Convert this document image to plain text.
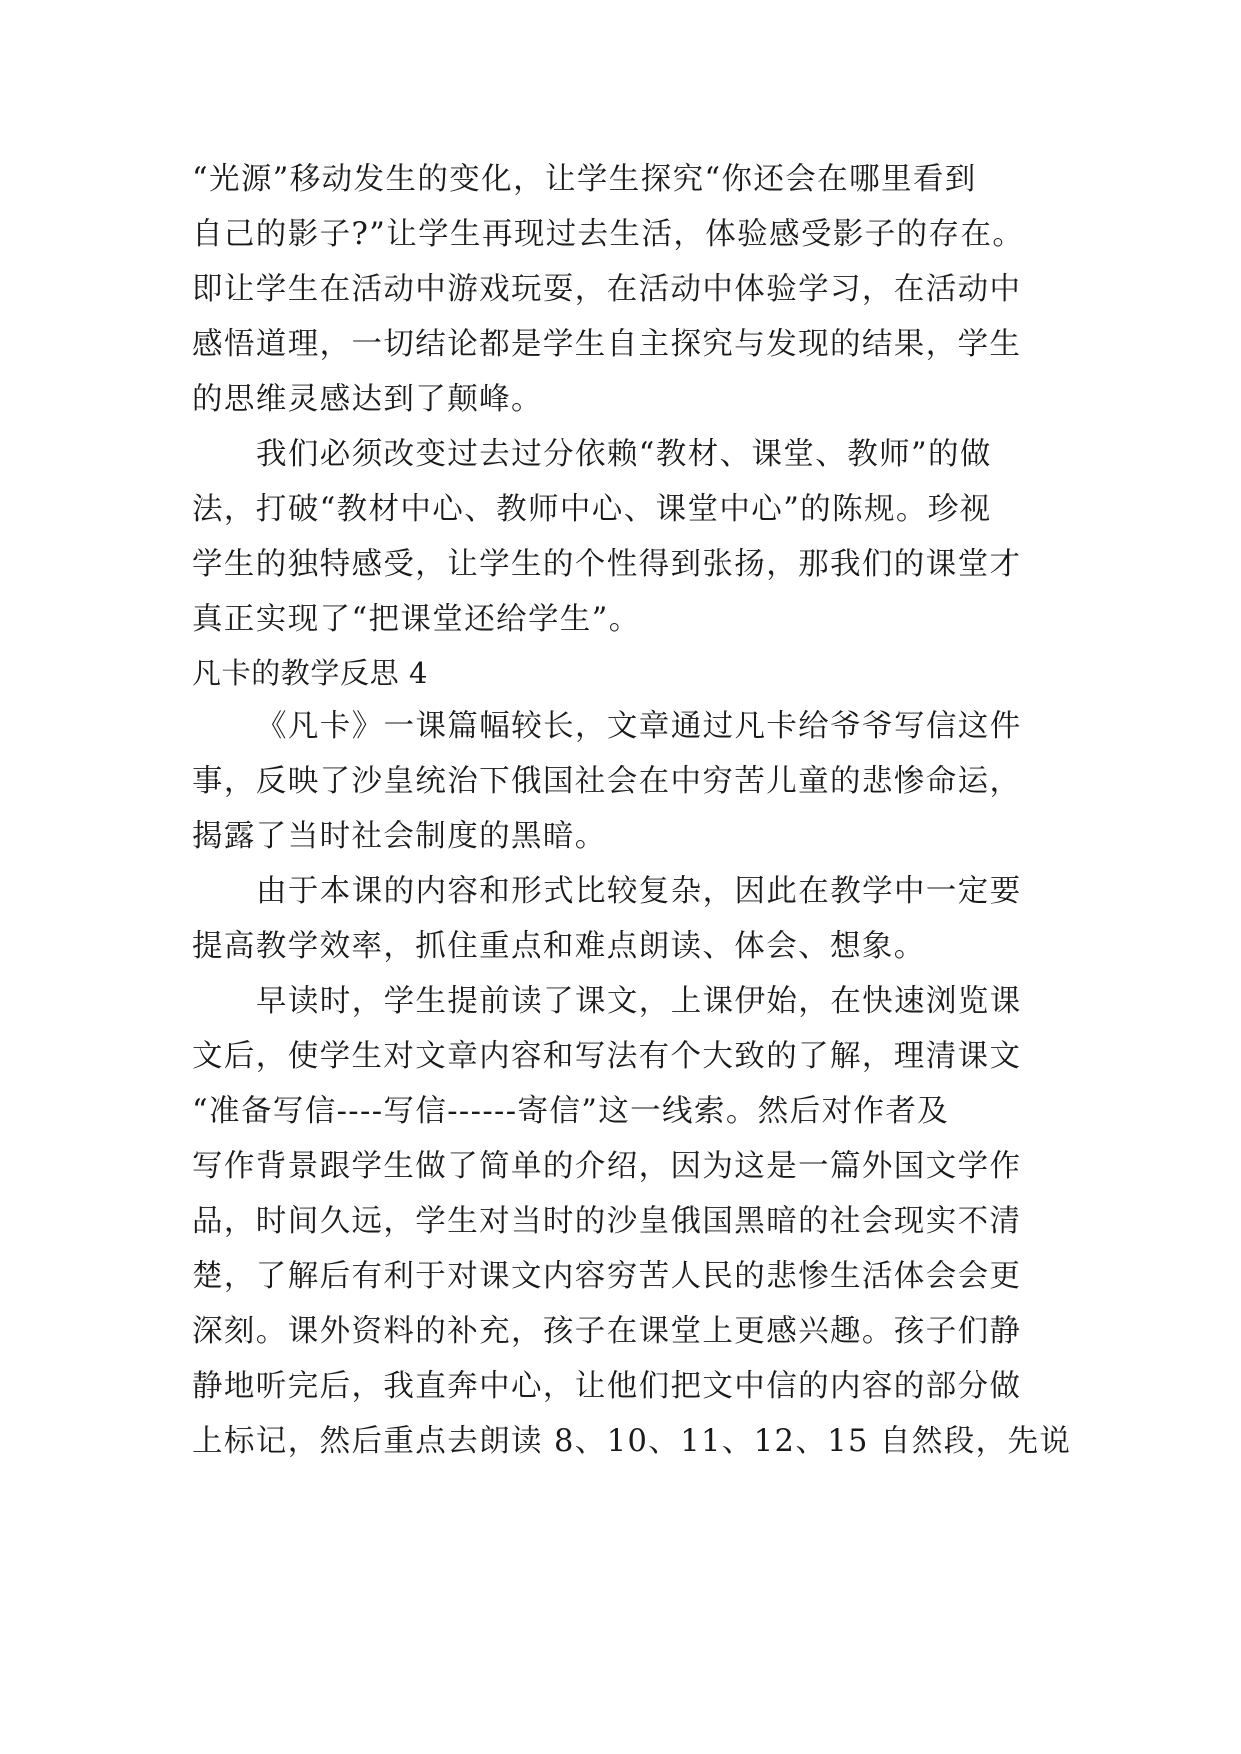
“光源”移动发生的变化，让学生探究“你还会在哪里看到
自己的影子?”让学生再现过去生活，体验感受影子的存在。
即让学生在活动中游戏玩耍，在活动中体验学习，在活动中
感悟道理，一切结论都是学生自主探究与发现的结果，学生
的思维灵感达到了颠峰。
我们必须改变过去过分依赖“教材、课堂、教师”的做
法，打破“教材中心、教师中心、课堂中心”的陈规。珍视
学生的独特感受，让学生的个性得到张扬，那我们的课堂才
真正实现了“把课堂还给学生”。
凡卡的教学反思 4
《凡卡》一课篇幅较长，文章通过凡卡给爷爷写信这件
事，反映了沙皇统治下俄国社会在中穷苦儿童的悲惨命运，
揭露了当时社会制度的黑暗。
由于本课的内容和形式比较复杂，因此在教学中一定要
提高教学效率，抓住重点和难点朗读、体会、想象。
早读时，学生提前读了课文，上课伊始，在快速浏览课
文后，使学生对文章内容和写法有个大致的了解，理清课文
“准备写信----写信------寄信”这一线索。然后对作者及
写作背景跟学生做了简单的介绍，因为这是一篇外国文学作
品，时间久远，学生对当时的沙皇俄国黑暗的社会现实不清
楚，了解后有利于对课文内容穷苦人民的悲惨生活体会会更
深刻。课外资料的补充，孩子在课堂上更感兴趣。孩子们静
静地听完后，我直奔中心，让他们把文中信的内容的部分做
上标记，然后重点去朗读 8、10、11、12、15 自然段，先说
